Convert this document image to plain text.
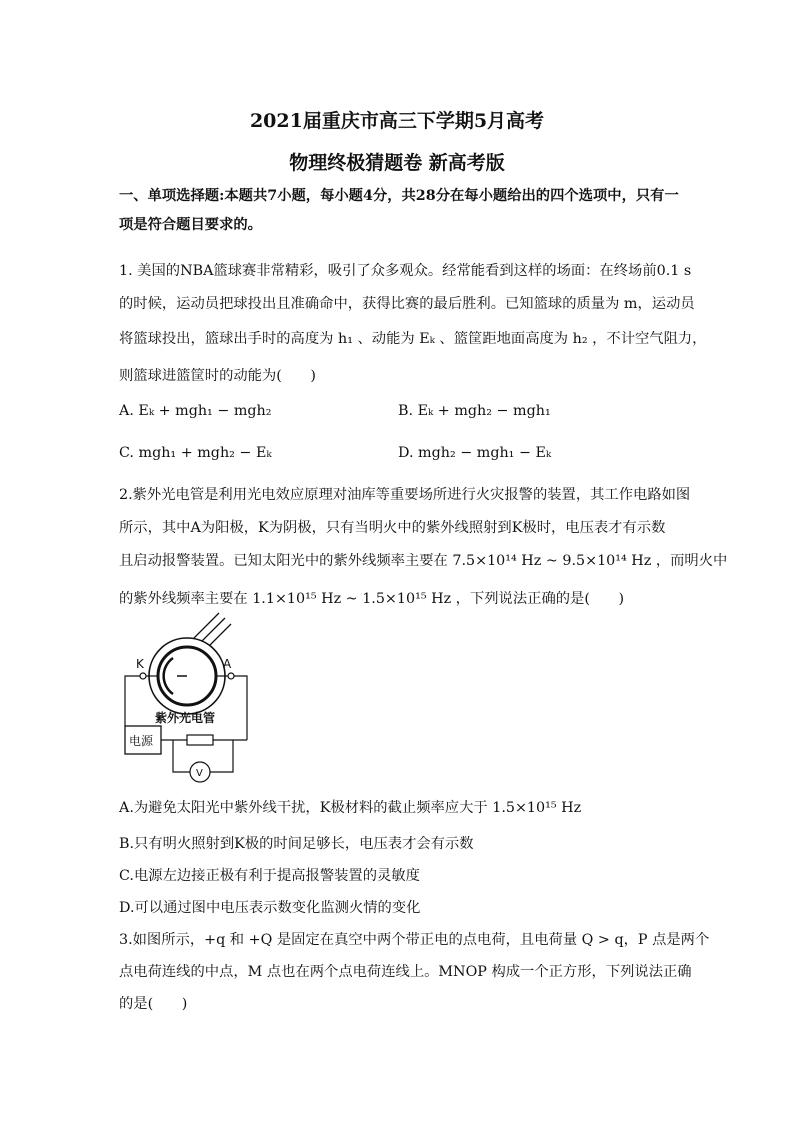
2021届重庆市高三下学期5月高考
物理终极猜题卷 新高考版
一、单项选择题:本题共7小题，每小题4分，共28分在每小题给出的四个选项中，只有一
项是符合题目要求的。
1. 美国的NBA篮球赛非常精彩，吸引了众多观众。经常能看到这样的场面：在终场前0.1 s
的时候，运动员把球投出且准确命中，获得比赛的最后胜利。已知篮球的质量为 m，运动员
将篮球投出，篮球出手时的高度为 h₁ 、动能为 Eₖ 、篮筐距地面高度为 h₂ ，不计空气阻力，
则篮球进篮筐时的动能为(　　)
A. Eₖ + mgh₁ − mgh₂	B. Eₖ + mgh₂ − mgh₁
C. mgh₁ + mgh₂ − Eₖ	D. mgh₂ − mgh₁ − Eₖ
2.紫外光电管是利用光电效应原理对油库等重要场所进行火灾报警的装置，其工作电路如图
所示，其中A为阳极，K为阴极，只有当明火中的紫外线照射到K极时，电压表才有示数
且启动报警装置。已知太阳光中的紫外线频率主要在 7.5×10¹⁴ Hz ~ 9.5×10¹⁴ Hz ，而明火中
的紫外线频率主要在 1.1×10¹⁵ Hz ~ 1.5×10¹⁵ Hz ，下列说法正确的是(　　)
K	A
紫外光电管
电源
V
A.为避免太阳光中紫外线干扰，K极材料的截止频率应大于 1.5×10¹⁵ Hz
B.只有明火照射到K极的时间足够长，电压表才会有示数
C.电源左边接正极有利于提高报警装置的灵敏度
D.可以通过图中电压表示数变化监测火情的变化
3.如图所示，+q 和 +Q 是固定在真空中两个带正电的点电荷，且电荷量 Q > q，P 点是两个
点电荷连线的中点，M 点也在两个点电荷连线上。MNOP 构成一个正方形，下列说法正确
的是(　　)
